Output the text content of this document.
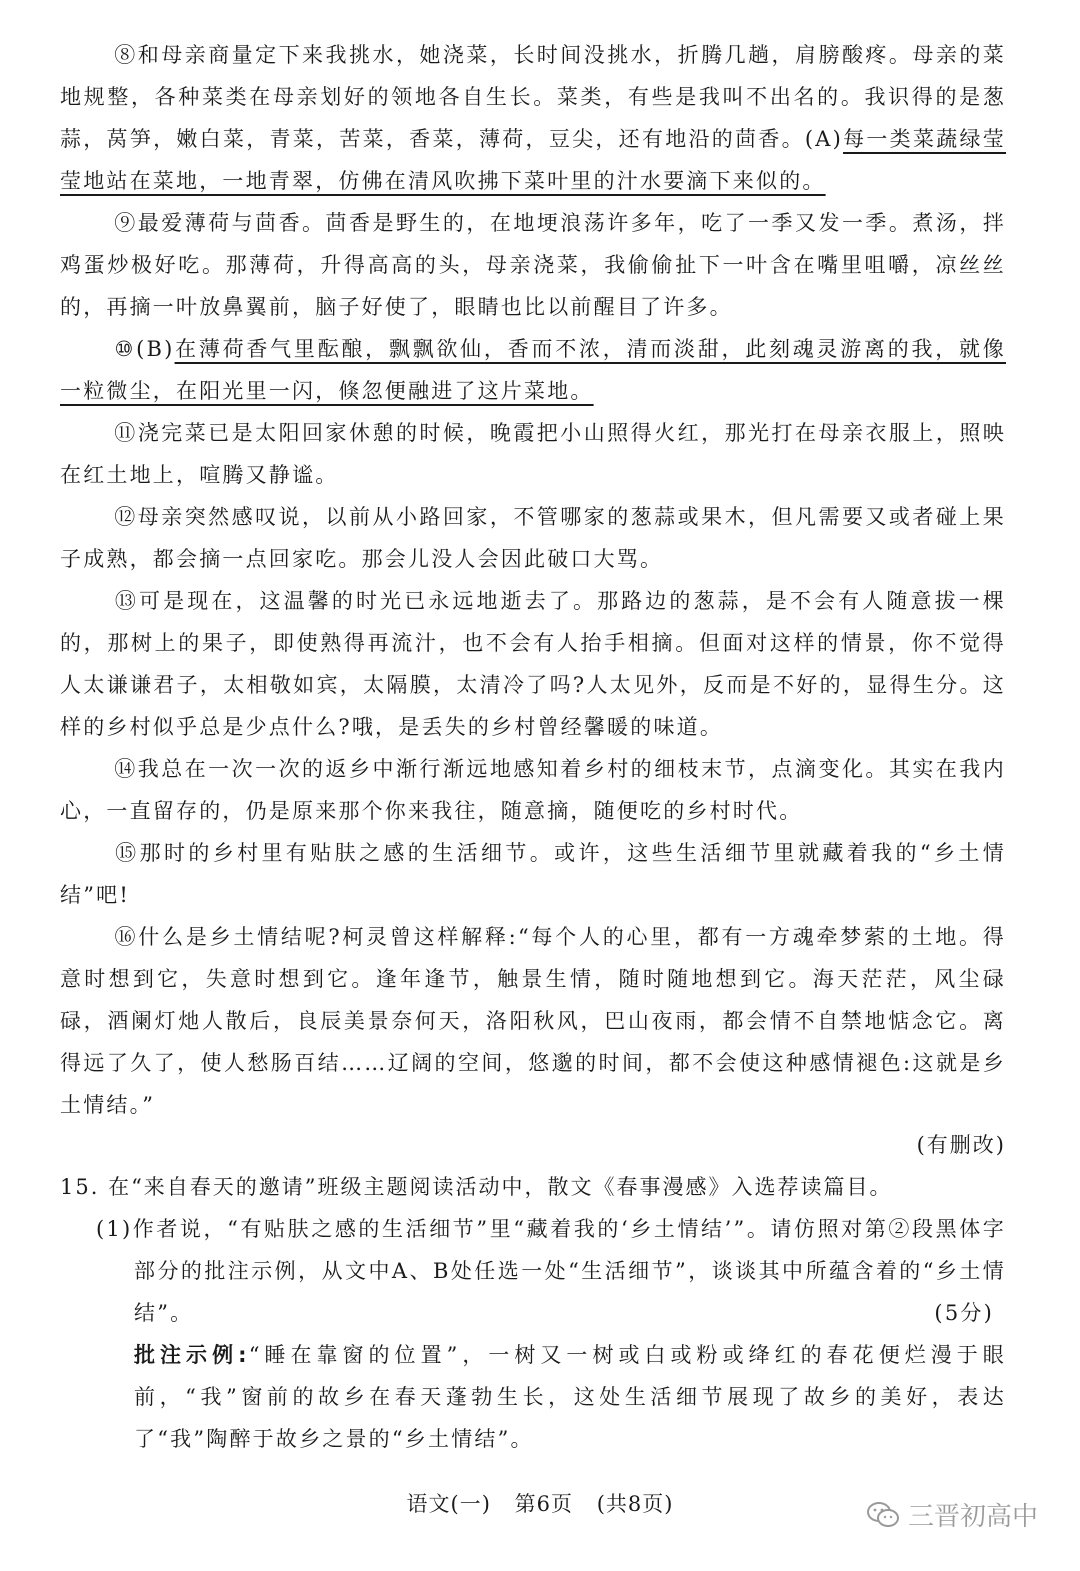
⑧和母亲商量定下来我挑水，她浇菜，长时间没挑水，折腾几趟，肩膀酸疼。母亲的菜地规整，各种菜类在母亲划好的领地各自生长。菜类，有些是我叫不出名的。我识得的是葱蒜，莴笋，嫩白菜，青菜，苦菜，香菜，薄荷，豆尖，还有地沿的茴香。(A)每一类菜蔬绿莹莹地站在菜地，一地青翠，仿佛在清风吹拂下菜叶里的汁水要滴下来似的。

⑨最爱薄荷与茴香。茴香是野生的，在地埂浪荡许多年，吃了一季又发一季。煮汤，拌鸡蛋炒极好吃。那薄荷，升得高高的头，母亲浇菜，我偷偷扯下一叶含在嘴里咀嚼，凉丝丝的，再摘一叶放鼻翼前，脑子好使了，眼睛也比以前醒目了许多。

⑩(B)在薄荷香气里酝酿，飘飘欲仙，香而不浓，清而淡甜，此刻魂灵游离的我，就像一粒微尘，在阳光里一闪，倏忽便融进了这片菜地。

⑪浇完菜已是太阳回家休憩的时候，晚霞把小山照得火红，那光打在母亲衣服上，照映在红土地上，喧腾又静谧。

⑫母亲突然感叹说，以前从小路回家，不管哪家的葱蒜或果木，但凡需要又或者碰上果子成熟，都会摘一点回家吃。那会儿没人会因此破口大骂。

⑬可是现在，这温馨的时光已永远地逝去了。那路边的葱蒜，是不会有人随意拔一棵的，那树上的果子，即使熟得再流汁，也不会有人抬手相摘。但面对这样的情景，你不觉得人太谦谦君子，太相敬如宾，太隔膜，太清冷了吗?人太见外，反而是不好的，显得生分。这样的乡村似乎总是少点什么?哦，是丢失的乡村曾经馨暖的味道。

⑭我总在一次一次的返乡中渐行渐远地感知着乡村的细枝末节，点滴变化。其实在我内心，一直留存的，仍是原来那个你来我往，随意摘，随便吃的乡村时代。

⑮那时的乡村里有贴肤之感的生活细节。或许，这些生活细节里就藏着我的“乡土情结”吧!

⑯什么是乡土情结呢?柯灵曾这样解释:“每个人的心里，都有一方魂牵梦萦的土地。得意时想到它，失意时想到它。逢年逢节，触景生情，随时随地想到它。海天茫茫，风尘碌碌，酒阑灯灺人散后，良辰美景奈何天，洛阳秋风，巴山夜雨，都会情不自禁地惦念它。离得远了久了，使人愁肠百结……辽阔的空间，悠邈的时间，都不会使这种感情褪色:这就是乡土情结。”

(有删改)

15. 在“来自春天的邀请”班级主题阅读活动中，散文《春事漫感》入选荐读篇目。

(1)作者说，“有贴肤之感的生活细节”里“藏着我的‘乡土情结’”。请仿照对第②段黑体字部分的批注示例，从文中A、B处任选一处“生活细节”，谈谈其中所蕴含着的“乡土情结”。	(5分)

批注示例:“睡在靠窗的位置”，一树又一树或白或粉或绛红的春花便烂漫于眼前，“我”窗前的故乡在春天蓬勃生长，这处生活细节展现了故乡的美好，表达了“我”陶醉于故乡之景的“乡土情结”。

语文(一) 第6页 (共8页)	三晋初高中
